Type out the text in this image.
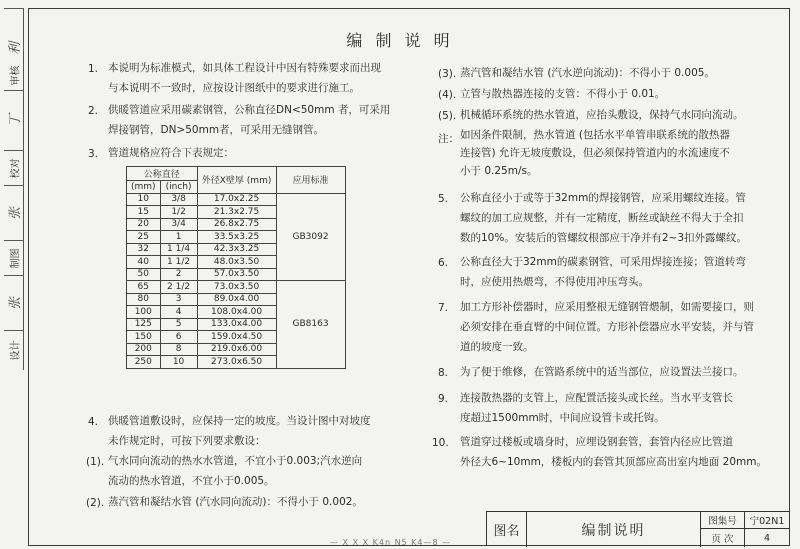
利
审核
丁
校对
张
制图
张
设计
编 制 说 明
1. 本说明为标准模式，如具体工程设计中因有特殊要求而出现
与本说明不一致时，应按设计图纸中的要求进行施工。
2. 供暖管道应采用碳素钢管，公称直径DN<50mm 者，可采用
焊接钢管，DN>50mm者，可采用无缝钢管。
3. 管道规格应符合下表规定：
公称直径		外径X壁厚 (mm)	应用标准
(mm)	(inch)		
10	3/8	17.0x2.25	GB3092
15	1/2	21.3x2.75	
20	3/4	26.8x2.75	
25	1	33.5x3.25	
32	1 1/4	42.3x3.25	
40	1 1/2	48.0x3.50	
50	2	57.0x3.50	
65	2 1/2	73.0x3.50	GB8163
80	3	89.0x4.00	
100	4	108.0x4.00	
125	5	133.0x4.00	
150	6	159.0x4.50	
200	8	219.0x6.00	
250	10	273.0x6.50	
4. 供暖管道敷设时，应保持一定的坡度。当设计图中对坡度
未作规定时，可按下列要求敷设：
(1). 气水同向流动的热水水管道，不宜小于0.003;汽水逆向
流动的热水管道，不宜小于0.005。
(2). 蒸汽管和凝结水管 (汽水同向流动)：不得小于 0.002。
(3). 蒸汽管和凝结水管 (汽水逆向流动)：不得小于 0.005。
(4). 立管与散热器连接的支管：不得小于 0.01。
(5). 机械循环系统的热水管道，应抬头敷设，保持气水同向流动。
注： 如因条件限制，热水管道 (包括水平单管串联系统的散热器
连接管) 允许无坡度敷设，但必须保持管道内的水流速度不
小于 0.25m/s。
5. 公称直径小于或等于32mm的焊接钢管，应采用螺纹连接。管
螺纹的加工应规整，并有一定精度，断丝或缺丝不得大于全扣
数的10%。安装后的管螺纹根部应干净并有2~3扣外露螺纹。
6. 公称直径大于32mm的碳素钢管，可采用焊接连接；管道转弯
时，应使用热煨弯，不得使用冲压弯头。
7. 加工方形补偿器时，应采用整根无缝钢管煨制，如需要接口，则
必须安排在垂直臂的中间位置。方形补偿器应水平安装，并与管
道的坡度一致。
8. 为了便于维修，在管路系统中的适当部位，应设置法兰接口。
9. 连接散热器的支管上，应配置活接头或长丝。当水平支管长
度超过1500mm时，中间应设管卡或托钩。
10. 管道穿过楼板或墙身时，应埋设钢套管，套管内径应比管道
外径大6~10mm，楼板内的套管其顶部应高出室内地面 20mm。
图名	编制说明
图集号	宁02N1
页 次	4
— X X X K4n N5 K4—8 —
